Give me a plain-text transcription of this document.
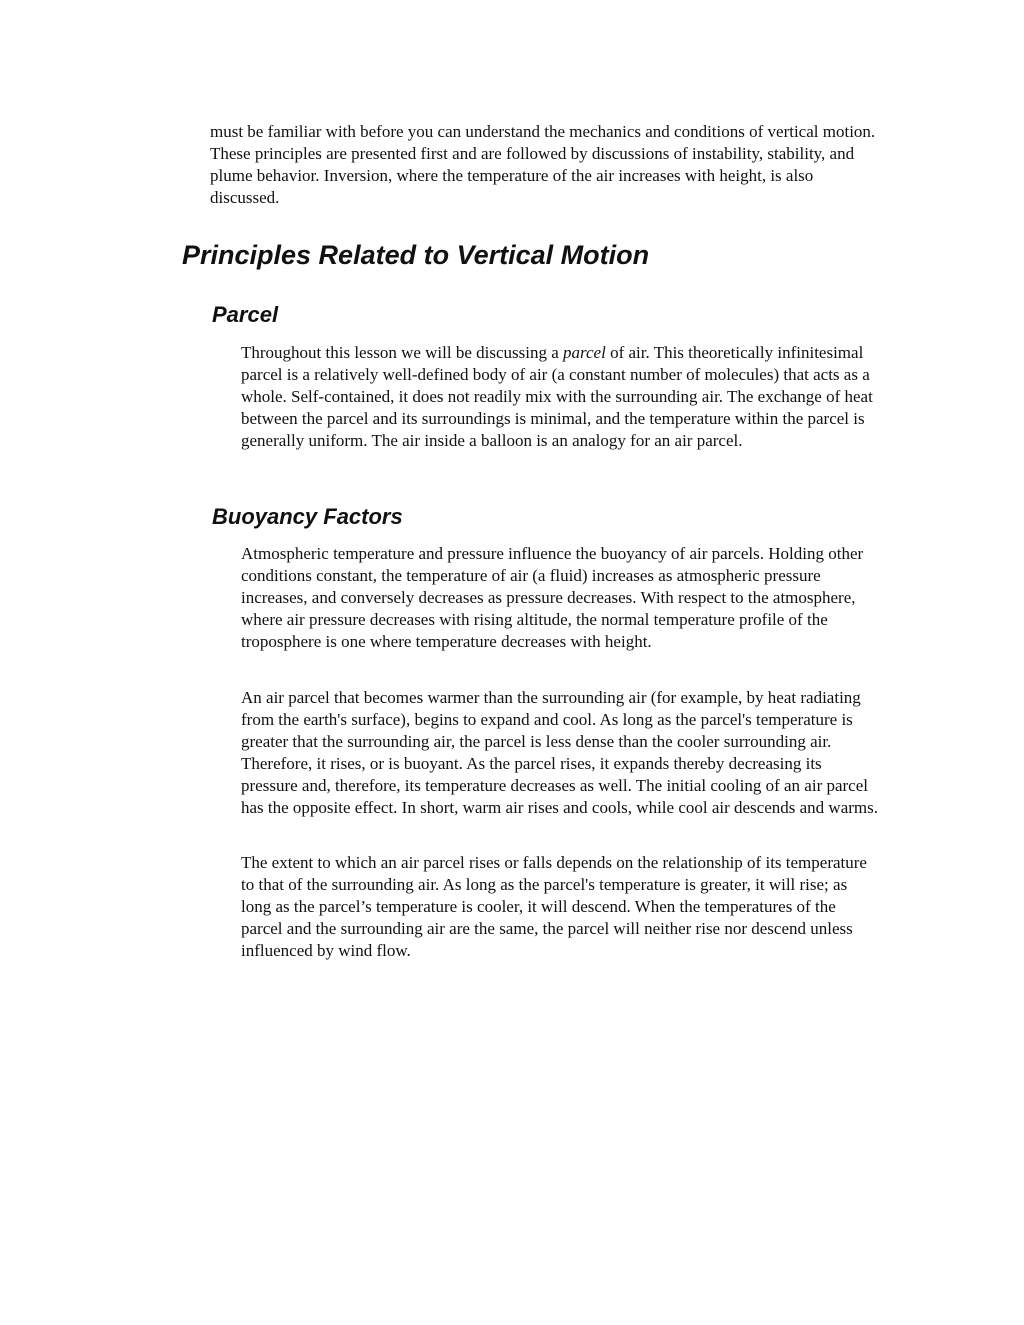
must be familiar with before you can understand the mechanics and conditions of vertical motion. These principles are presented first and are followed by discussions of instability, stability, and plume behavior. Inversion, where the temperature of the air increases with height, is also discussed.

Principles Related to Vertical Motion
Parcel

Throughout this lesson we will be discussing a parcel of air. This theoretically infinitesimal parcel is a relatively well-defined body of air (a constant number of molecules) that acts as a whole. Self-contained, it does not readily mix with the surrounding air. The exchange of heat between the parcel and its surroundings is minimal, and the temperature within the parcel is generally uniform. The air inside a balloon is an analogy for an air parcel.

Buoyancy Factors

Atmospheric temperature and pressure influence the buoyancy of air parcels. Holding other conditions constant, the temperature of air (a fluid) increases as atmospheric pressure increases, and conversely decreases as pressure decreases. With respect to the atmosphere, where air pressure decreases with rising altitude, the normal temperature profile of the troposphere is one where temperature decreases with height.

An air parcel that becomes warmer than the surrounding air (for example, by heat radiating from the earth's surface), begins to expand and cool. As long as the parcel's temperature is greater that the surrounding air, the parcel is less dense than the cooler surrounding air. Therefore, it rises, or is buoyant. As the parcel rises, it expands thereby decreasing its pressure and, therefore, its temperature decreases as well. The initial cooling of an air parcel has the opposite effect. In short, warm air rises and cools, while cool air descends and warms.

The extent to which an air parcel rises or falls depends on the relationship of its temperature to that of the surrounding air. As long as the parcel's temperature is greater, it will rise; as long as the parcel’s temperature is cooler, it will descend. When the temperatures of the parcel and the surrounding air are the same, the parcel will neither rise nor descend unless influenced by wind flow.
